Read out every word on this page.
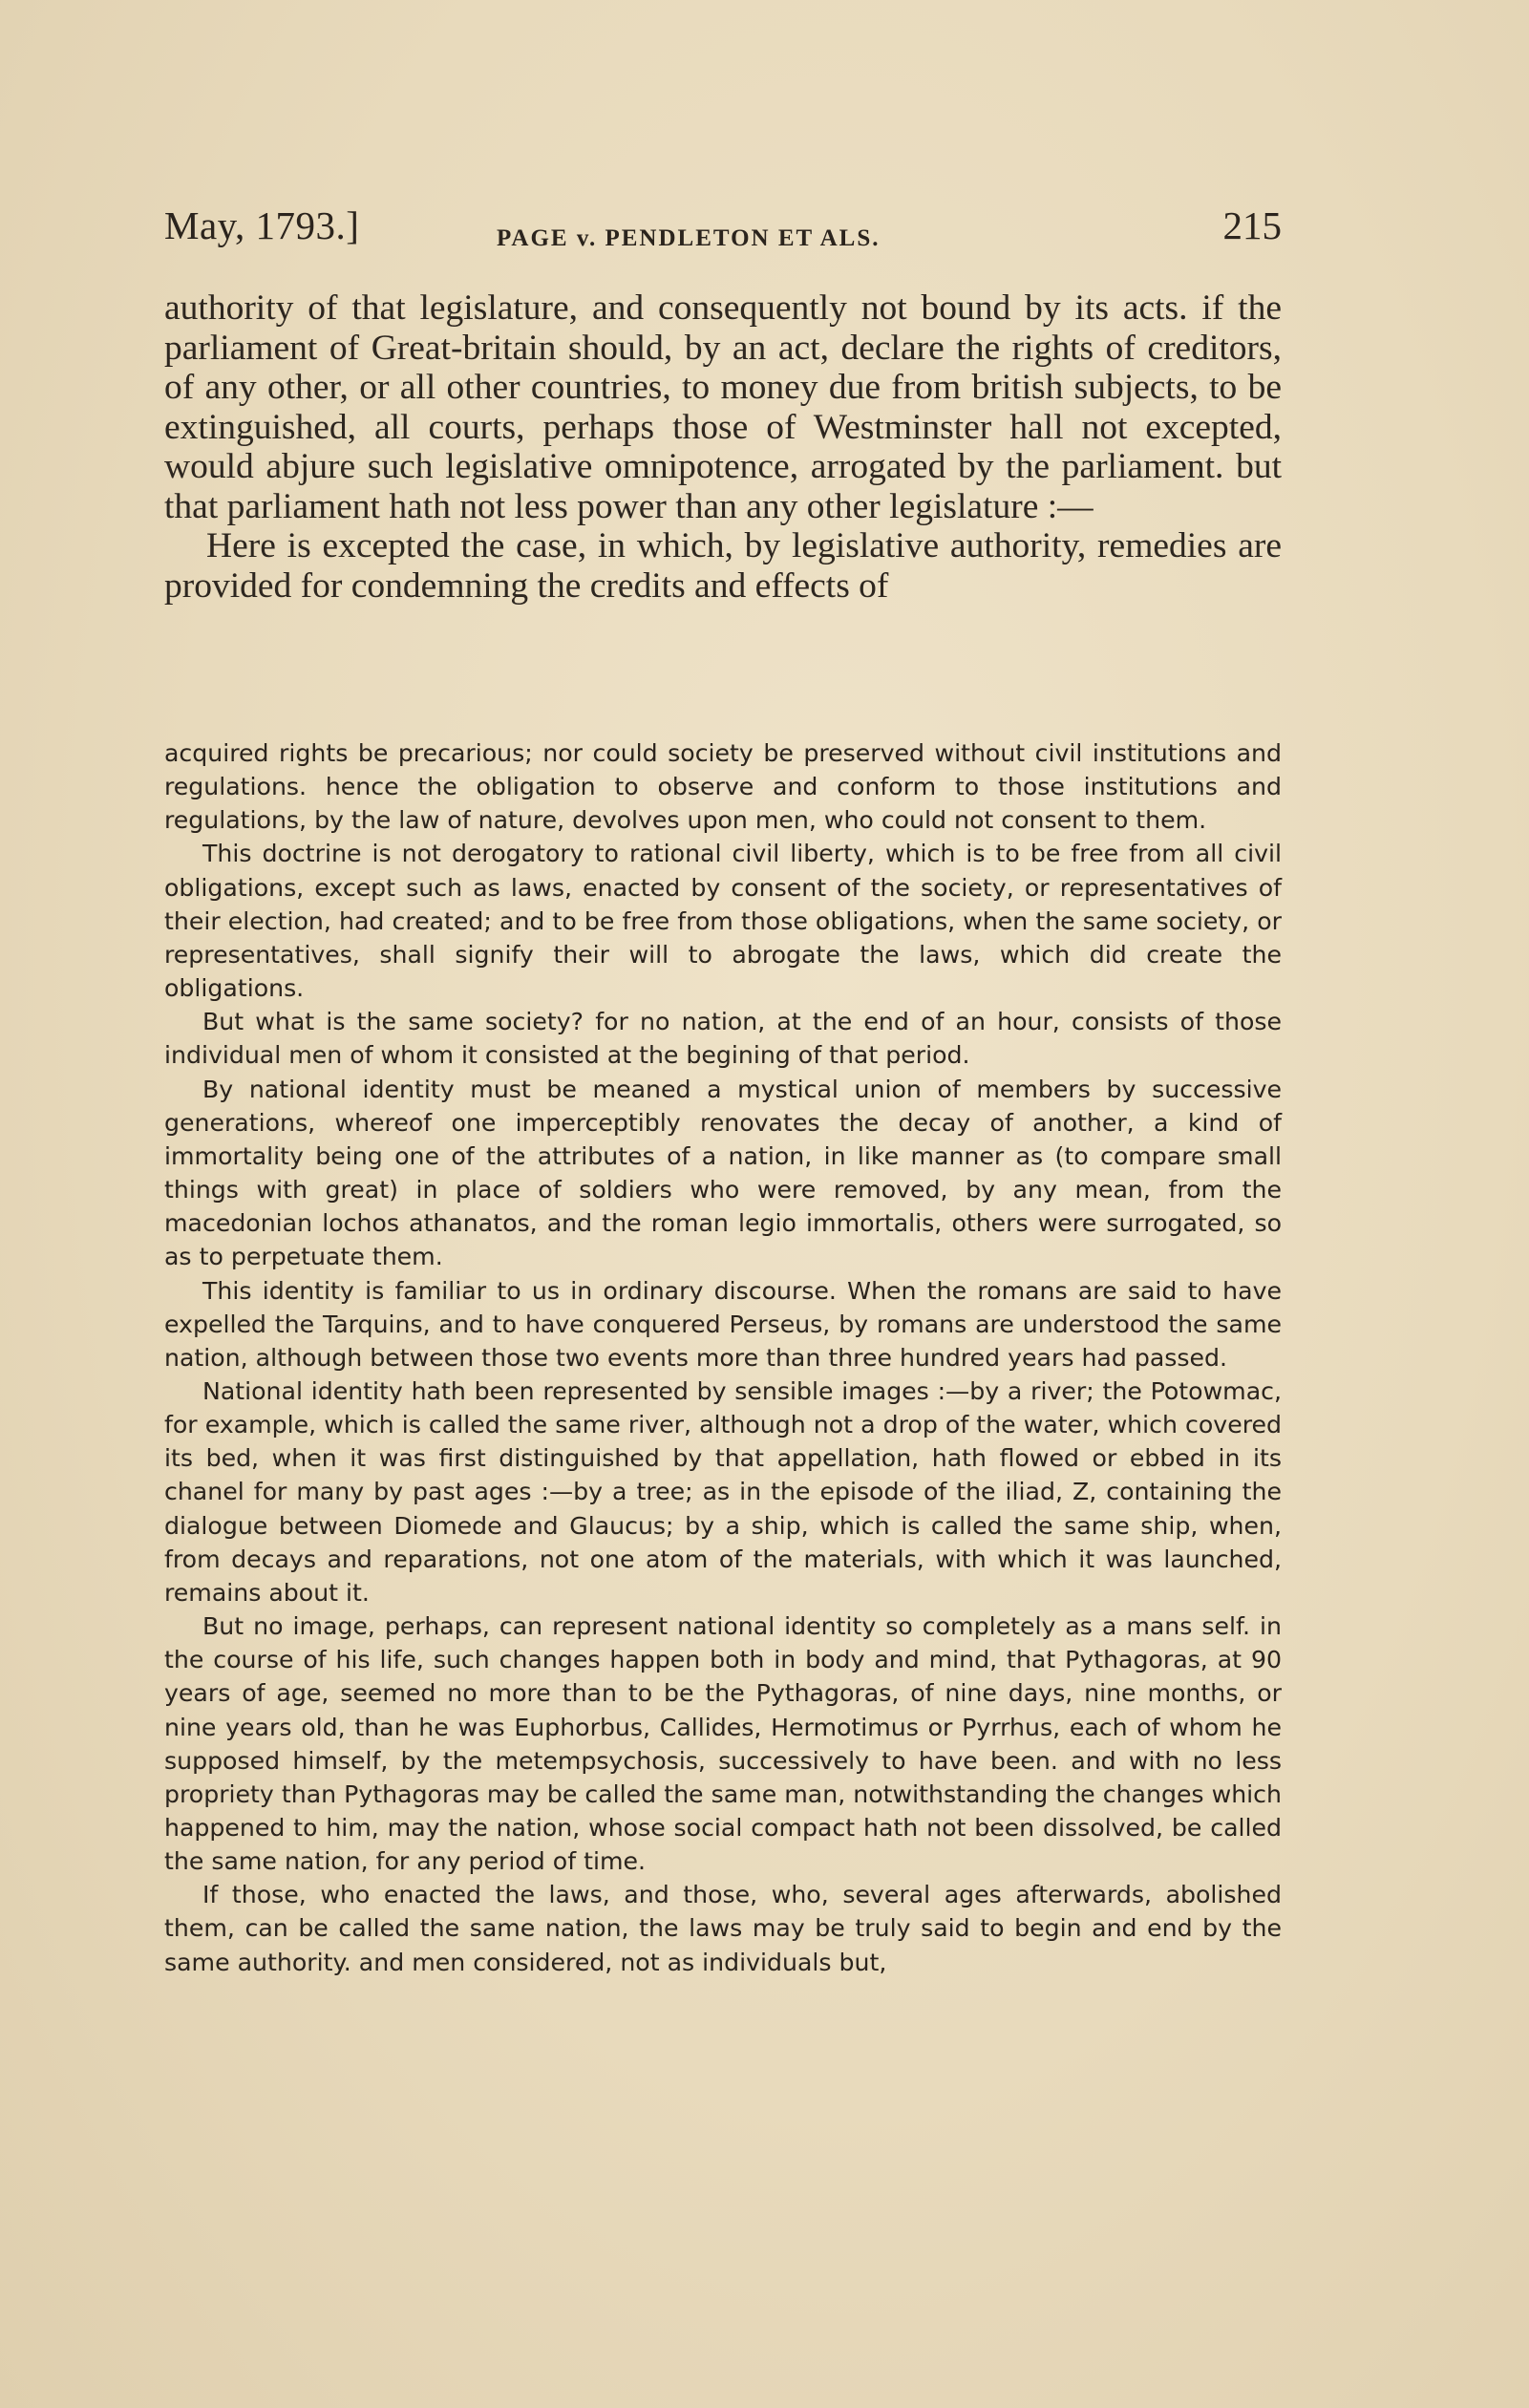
May, 1793.]	PAGE v. PENDLETON ET ALS.	215

authority of that legislature, and consequently not bound by its acts. if the parliament of Great-britain should, by an act, declare the rights of creditors, of any other, or all other countries, to money due from british subjects, to be extinguished, all courts, perhaps those of Westminster hall not excepted, would abjure such legislative omnipotence, arrogated by the parliament. but that parliament hath not less power than any other legislature :—

Here is excepted the case, in which, by legislative authority, remedies are provided for condemning the credits and effects of

acquired rights be precarious; nor could society be preserved without civil institutions and regulations. hence the obligation to observe and conform to those institutions and regulations, by the law of nature, devolves upon men, who could not consent to them.

This doctrine is not derogatory to rational civil liberty, which is to be free from all civil obligations, except such as laws, enacted by consent of the society, or representatives of their election, had created; and to be free from those obligations, when the same society, or representatives, shall signify their will to abrogate the laws, which did create the obligations.

But what is the same society? for no nation, at the end of an hour, consists of those individual men of whom it consisted at the begining of that period.

By national identity must be meaned a mystical union of members by successive generations, whereof one imperceptibly renovates the decay of another, a kind of immortality being one of the attributes of a nation, in like manner as (to compare small things with great) in place of soldiers who were removed, by any mean, from the macedonian lochos athanatos, and the roman legio immortalis, others were surrogated, so as to perpetuate them.

This identity is familiar to us in ordinary discourse. When the romans are said to have expelled the Tarquins, and to have conquered Perseus, by romans are understood the same nation, although between those two events more than three hundred years had passed.

National identity hath been represented by sensible images :—by a river; the Potowmac, for example, which is called the same river, although not a drop of the water, which covered its bed, when it was first distinguished by that appellation, hath flowed or ebbed in its chanel for many by past ages :—by a tree; as in the episode of the iliad, Z, containing the dialogue between Diomede and Glaucus; by a ship, which is called the same ship, when, from decays and reparations, not one atom of the materials, with which it was launched, remains about it.

But no image, perhaps, can represent national identity so completely as a mans self. in the course of his life, such changes happen both in body and mind, that Pythagoras, at 90 years of age, seemed no more than to be the Pythagoras, of nine days, nine months, or nine years old, than he was Euphorbus, Callides, Hermotimus or Pyrrhus, each of whom he supposed himself, by the metempsychosis, successively to have been. and with no less propriety than Pythagoras may be called the same man, notwithstanding the changes which happened to him, may the nation, whose social compact hath not been dissolved, be called the same nation, for any period of time.

If those, who enacted the laws, and those, who, several ages afterwards, abolished them, can be called the same nation, the laws may be truly said to begin and end by the same authority. and men considered, not as individuals but,
